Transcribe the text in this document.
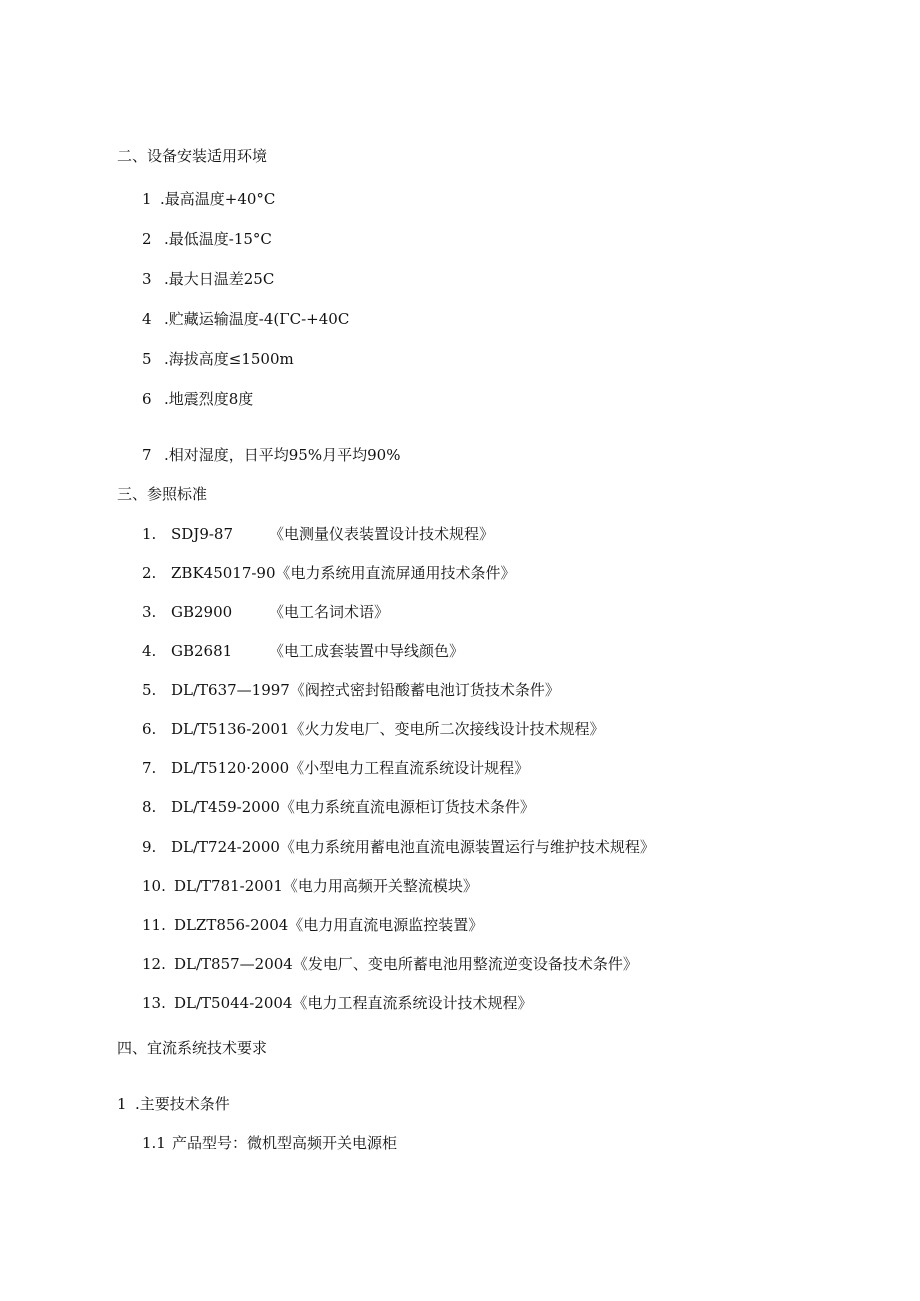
二、设备安装适用环境
1 .最高温度+40°C
2 .最低温度-15°C
3 .最大日温差25C
4 .贮藏运输温度-4(ΓC-+40C
5 .海拔高度≤1500m
6 .地震烈度8度
7 .相对湿度，日平均95%月平均90%
三、参照标准
1. SDJ9-87 《电测量仪表装置设计技术规程》
2. ZBK45017-90《电力系统用直流屏通用技术条件》
3. GB2900 《电工名词术语》
4. GB2681 《电工成套装置中导线颜色》
5. DL/T637—1997《阀控式密封铅酸蓄电池订货技术条件》
6. DL/T5136-2001《火力发电厂、变电所二次接线设计技术规程》
7. DL/T5120·2000《小型电力工程直流系统设计规程》
8. DL/T459-2000《电力系统直流电源柜订货技术条件》
9. DL/T724-2000《电力系统用蓄电池直流电源装置运行与维护技术规程》
10. DL/T781-2001《电力用高频开关整流模块》
11. DLZT856-2004《电力用直流电源监控装置》
12. DL/T857—2004《发电厂、变电所蓄电池用整流逆变设备技术条件》
13. DL/T5044-2004《电力工程直流系统设计技术规程》
四、宜流系统技术要求
1 .主要技术条件
1.1 产品型号：微机型高频开关电源柜
